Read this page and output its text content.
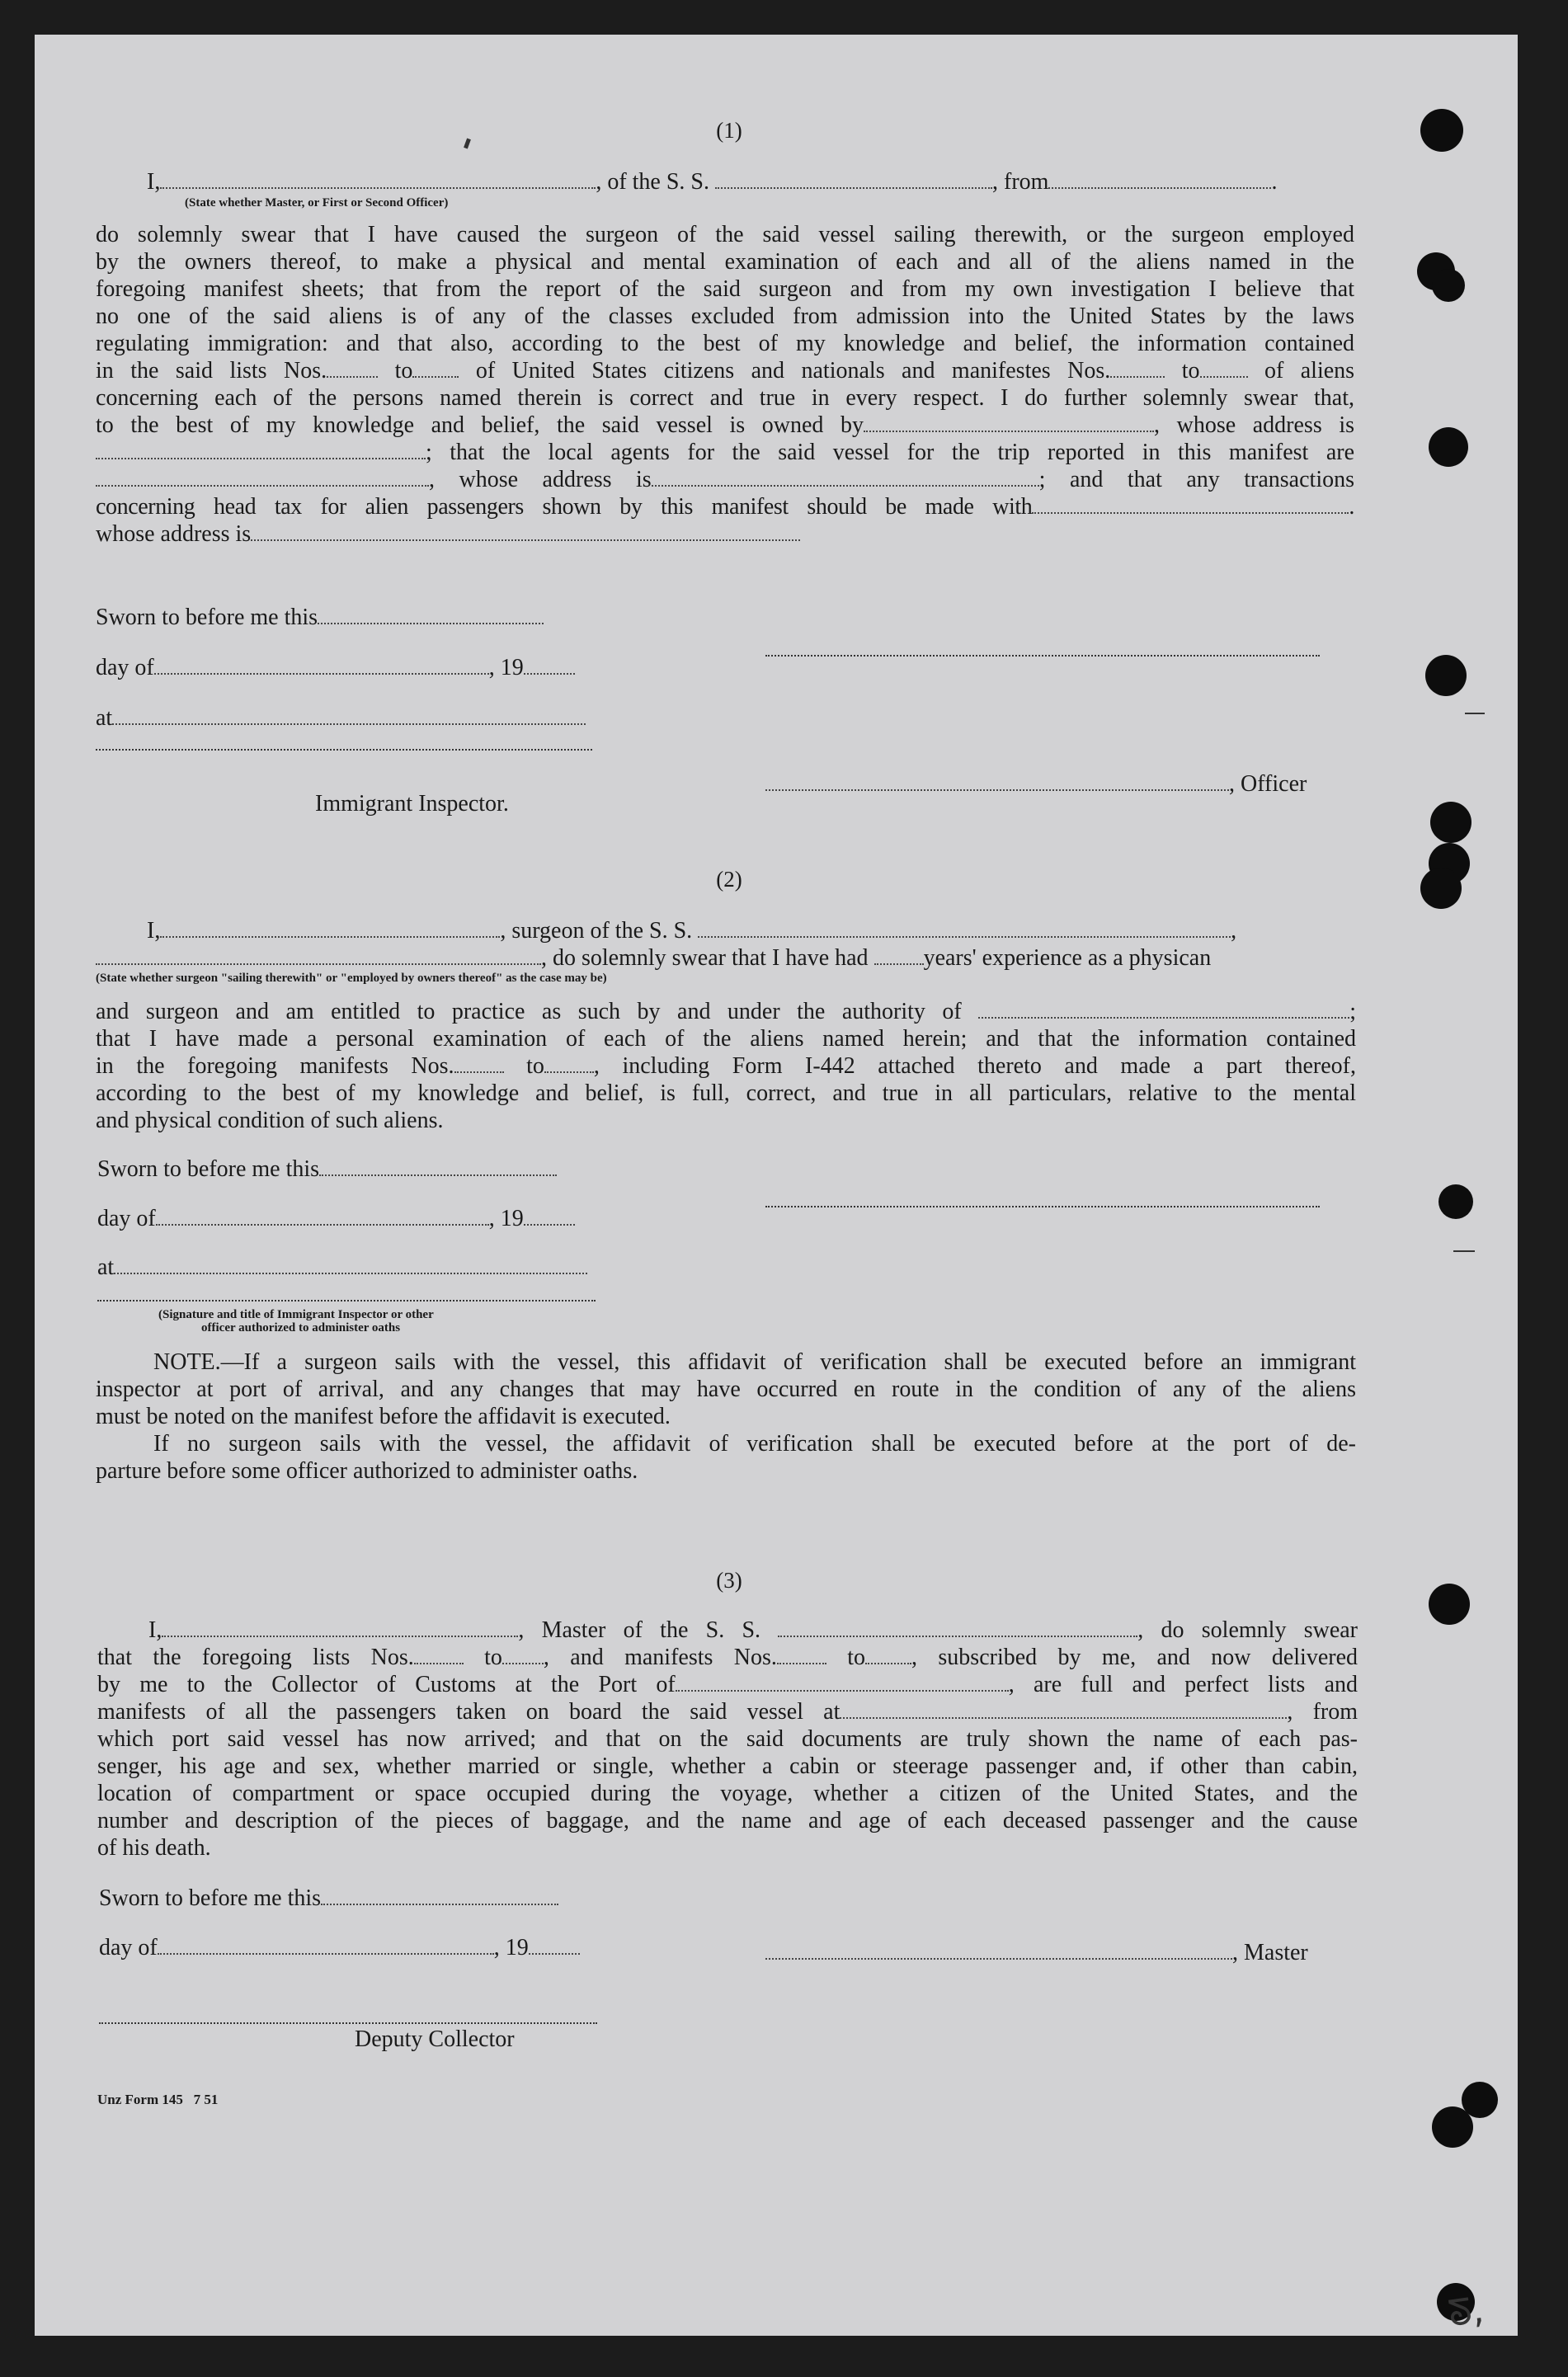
(1)
I,	, of the S. S.	, from	.
(State whether Master, or First or Second Officer)
do solemnly swear that I have caused the surgeon of the said vessel sailing therewith, or the surgeon employed
by the owners thereof, to make a physical and mental examination of each and all of the aliens named in the
foregoing manifest sheets; that from the report of the said surgeon and from my own investigation I believe that
no one of the said aliens is of any of the classes excluded from admission into the United States by the laws
regulating immigration: and that also, according to the best of my knowledge and belief, the information contained
in the said lists Nos.	to	of United States citizens and nationals and manifestes Nos.	to	of aliens
concerning each of the persons named therein is correct and true in every respect. I do further solemnly swear that,
to the best of my knowledge and belief, the said vessel is owned by	, whose address is
; that the local agents for the said vessel for the trip reported in this manifest are
, whose address is	; and that any transactions
concerning head tax for alien passengers shown by this manifest should be made with	.
whose address is
Sworn to before me this
day of	, 19
at
Immigrant Inspector.
, Officer
(2)
I,	, surgeon of the S. S.	,
, do solemnly swear that I have had years' experience as a physican
(State whether surgeon "sailing therewith" or "employed by owners thereof" as the case may be)
and surgeon and am entitled to practice as such by and under the authority of	;
that I have made a personal examination of each of the aliens named herein; and that the information contained
in the foregoing manifests Nos.	to , including Form I-442 attached thereto and made a part thereof,
according to the best of my knowledge and belief, is full, correct, and true in all particulars, relative to the mental
and physical condition of such aliens.
Sworn to before me this
day of	, 19
at
(Signature and title of Immigrant Inspector or other
officer authorized to administer oaths
NOTE.—If a surgeon sails with the vessel, this affidavit of verification shall be executed before an immigrant
inspector at port of arrival, and any changes that may have occurred en route in the condition of any of the aliens
must be noted on the manifest before the affidavit is executed.
If no surgeon sails with the vessel, the affidavit of verification shall be executed before at the port of de-
parture before some officer authorized to administer oaths.
(3)
I,	, Master of the S. S.	, do solemnly swear
that the foregoing lists Nos.	to , and manifests Nos.	to , subscribed by me, and now delivered
by me to the Collector of Customs at the Port of	, are full and perfect lists and
manifests of all the passengers taken on board the said vessel at	, from
which port said vessel has now arrived; and that on the said documents are truly shown the name of each pas-
senger, his age and sex, whether married or single, whether a cabin or steerage passenger and, if other than cabin,
location of compartment or space occupied during the voyage, whether a citizen of the United States, and the
number and description of the pieces of baggage, and the name and age of each deceased passenger and the cause
of his death.
Sworn to before me this
day of	, 19	, Master
Deputy Collector
Unz Form 145   7 51
ᘕ,
